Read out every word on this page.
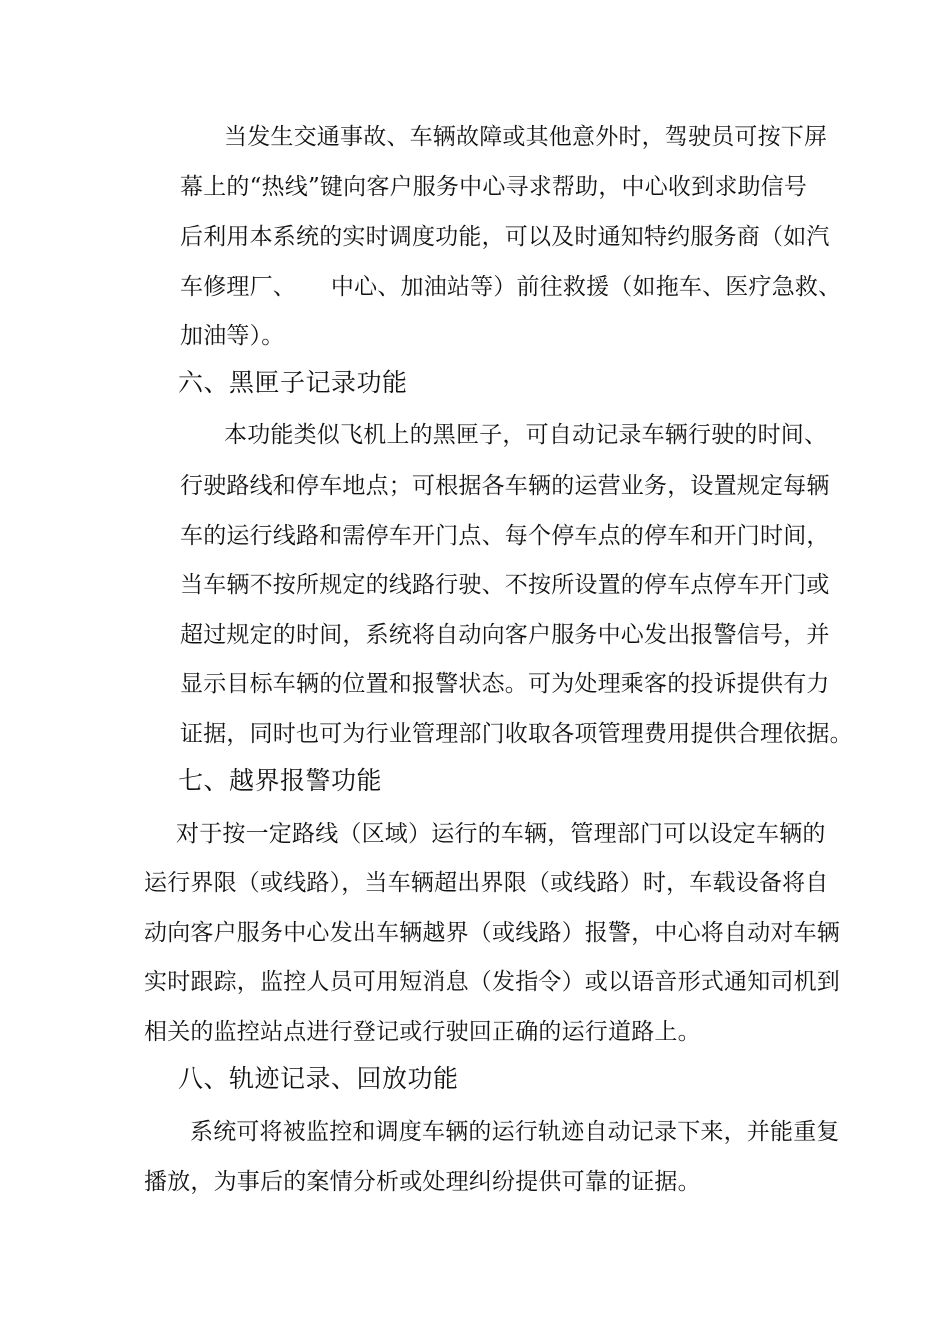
当发生交通事故、车辆故障或其他意外时，驾驶员可按下屏
幕上的“热线”键向客户服务中心寻求帮助，中心收到求助信号
后利用本系统的实时调度功能，可以及时通知特约服务商（如汽
车修理厂、　　中心、加油站等）前往救援（如拖车、医疗急救、
加油等）。
六、黑匣子记录功能
本功能类似飞机上的黑匣子，可自动记录车辆行驶的时间、
行驶路线和停车地点；可根据各车辆的运营业务，设置规定每辆
车的运行线路和需停车开门点、每个停车点的停车和开门时间，
当车辆不按所规定的线路行驶、不按所设置的停车点停车开门或
超过规定的时间，系统将自动向客户服务中心发出报警信号，并
显示目标车辆的位置和报警状态。可为处理乘客的投诉提供有力
证据，同时也可为行业管理部门收取各项管理费用提供合理依据。
七、越界报警功能
对于按一定路线（区域）运行的车辆，管理部门可以设定车辆的
运行界限（或线路），当车辆超出界限（或线路）时，车载设备将自
动向客户服务中心发出车辆越界（或线路）报警，中心将自动对车辆
实时跟踪，监控人员可用短消息（发指令）或以语音形式通知司机到
相关的监控站点进行登记或行驶回正确的运行道路上。
八、轨迹记录、回放功能
系统可将被监控和调度车辆的运行轨迹自动记录下来，并能重复
播放，为事后的案情分析或处理纠纷提供可靠的证据。
